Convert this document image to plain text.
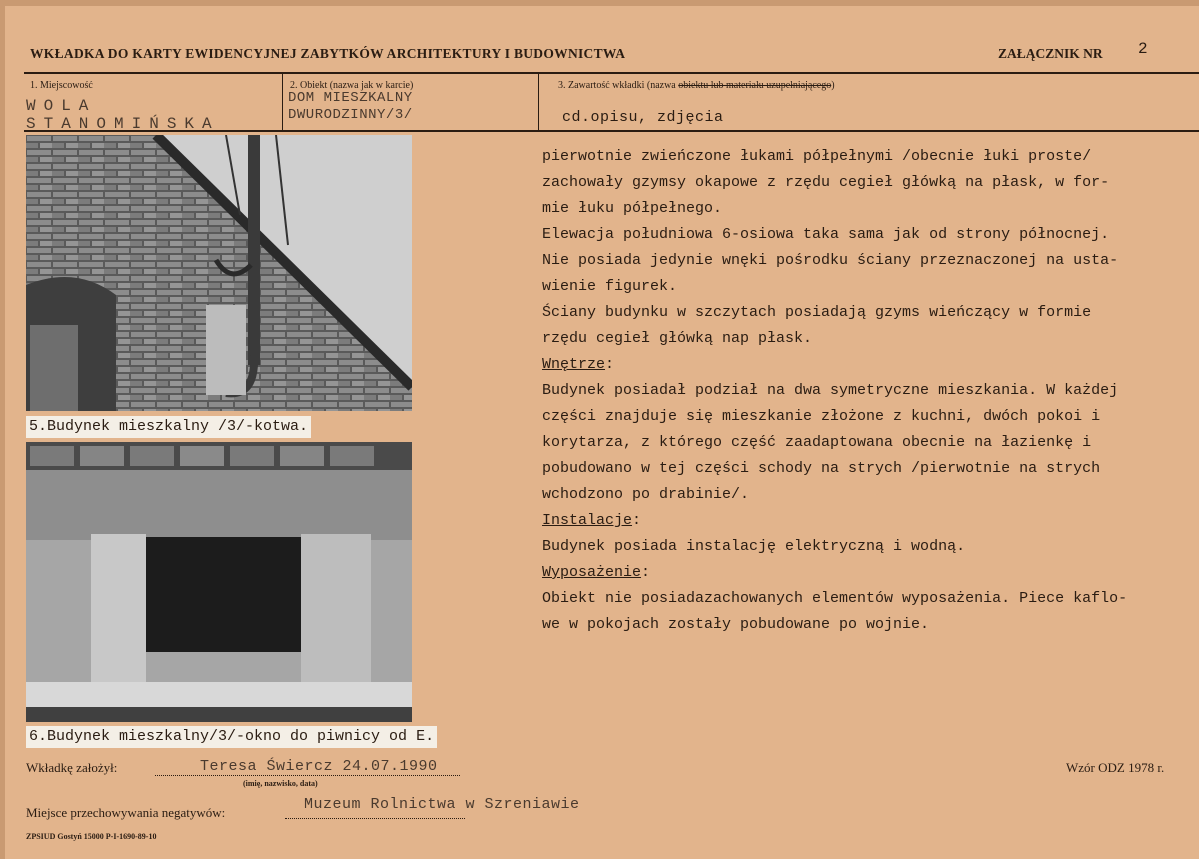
WKŁADKA DO KARTY EWIDENCYJNEJ ZABYTKÓW ARCHITEKTURY I BUDOWNICTWA	ZAŁĄCZNIK NR 2
1. Miejscowość
WOLA
STANOMIŃSKA
2. Obiekt (nazwa jak w karcie)
DOM MIESZKALNY
DWURODZINNY/3/
3. Zawartość wkładki (nazwa obiektu lub materiału uzupełniającego)
cd.opisu, zdjęcia
5.Budynek mieszkalny /3/-kotwa.
6.Budynek mieszkalny/3/-okno do piwnicy od E.

pierwotnie zwieńczone łukami półpełnymi /obecnie łuki proste/

zachowały gzymsy okapowe z rzędu cegieł główką na płask, w for-

mie łuku półpełnego.

Elewacja południowa 6-osiowa taka sama jak od strony północnej.

Nie posiada jedynie wnęki pośrodku ściany przeznaczonej na usta-

wienie figurek.

Ściany budynku w szczytach posiadają gzyms wieńczący w formie

rzędu cegieł główką nap płask.

Wnętrze:

Budynek posiadał podział na dwa symetryczne mieszkania. W każdej

części znajduje się mieszkanie złożone z kuchni, dwóch pokoi i

korytarza, z którego część zaadaptowana obecnie na łazienkę i

pobudowano w tej części schody na strych /pierwotnie na strych

wchodzono po drabinie/.

Instalacje:

Budynek posiada instalację elektryczną i wodną.

Wyposażenie:

Obiekt nie posiadazachowanych elementów wyposażenia. Piece kaflo-

we w pokojach zostały pobudowane po wojnie.

Wkładkę założył:	Teresa Świercz 24.07.1990
(imię, nazwisko, data)
Wzór ODZ 1978 r.
Miejsce przechowywania negatywów:	Muzeum Rolnictwa w Szreniawie
ZPSIUD Gostyń 15000 P-I-1690-89-10
